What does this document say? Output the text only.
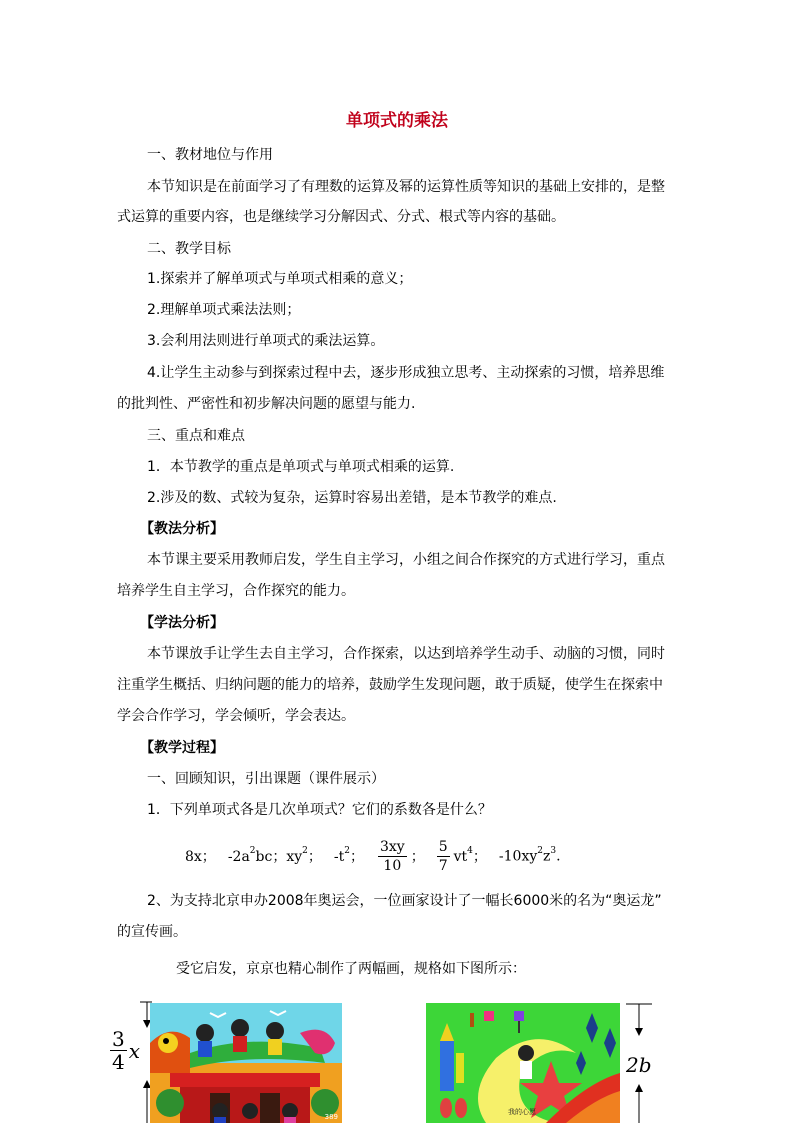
单项式的乘法
一、教材地位与作用
本节知识是在前面学习了有理数的运算及幂的运算性质等知识的基础上安排的，是整
式运算的重要内容，也是继续学习分解因式、分式、根式等内容的基础。
二、教学目标
1.探索并了解单项式与单项式相乘的意义；
2.理解单项式乘法法则；
3.会利用法则进行单项式的乘法运算。
4.让学生主动参与到探索过程中去，逐步形成独立思考、主动探索的习惯，培养思维
的批判性、严密性和初步解决问题的愿望与能力.
三、重点和难点
1．本节教学的重点是单项式与单项式相乘的运算.
2.涉及的数、式较为复杂，运算时容易出差错，是本节教学的难点.
【教法分析】
本节课主要采用教师启发，学生自主学习，小组之间合作探究的方式进行学习，重点
培养学生自主学习，合作探究的能力。
【学法分析】
本节课放手让学生去自主学习，合作探索，以达到培养学生动手、动脑的习惯，同时
注重学生概括、归纳问题的能力的培养，鼓励学生发现问题，敢于质疑，使学生在探索中
学会合作学习，学会倾听，学会表达。
【教学过程】
一、回顾知识，引出课题（课件展示）
1．下列单项式各是几次单项式？它们的系数各是什么？
8x； $-2a^2bc$； $xy^2$； $-t^2$； $\frac{3xy}{10}$ ； $\frac{5}{7} vt^4$； $-10xy^2z^3$.
2、为支持北京申办2008年奥运会，一位画家设计了一幅长6000米的名为“奥运龙”
的宣传画。
受它启发，京京也精心制作了两幅画，规格如下图所示：
3
4 x
389
我的心愿
2b
